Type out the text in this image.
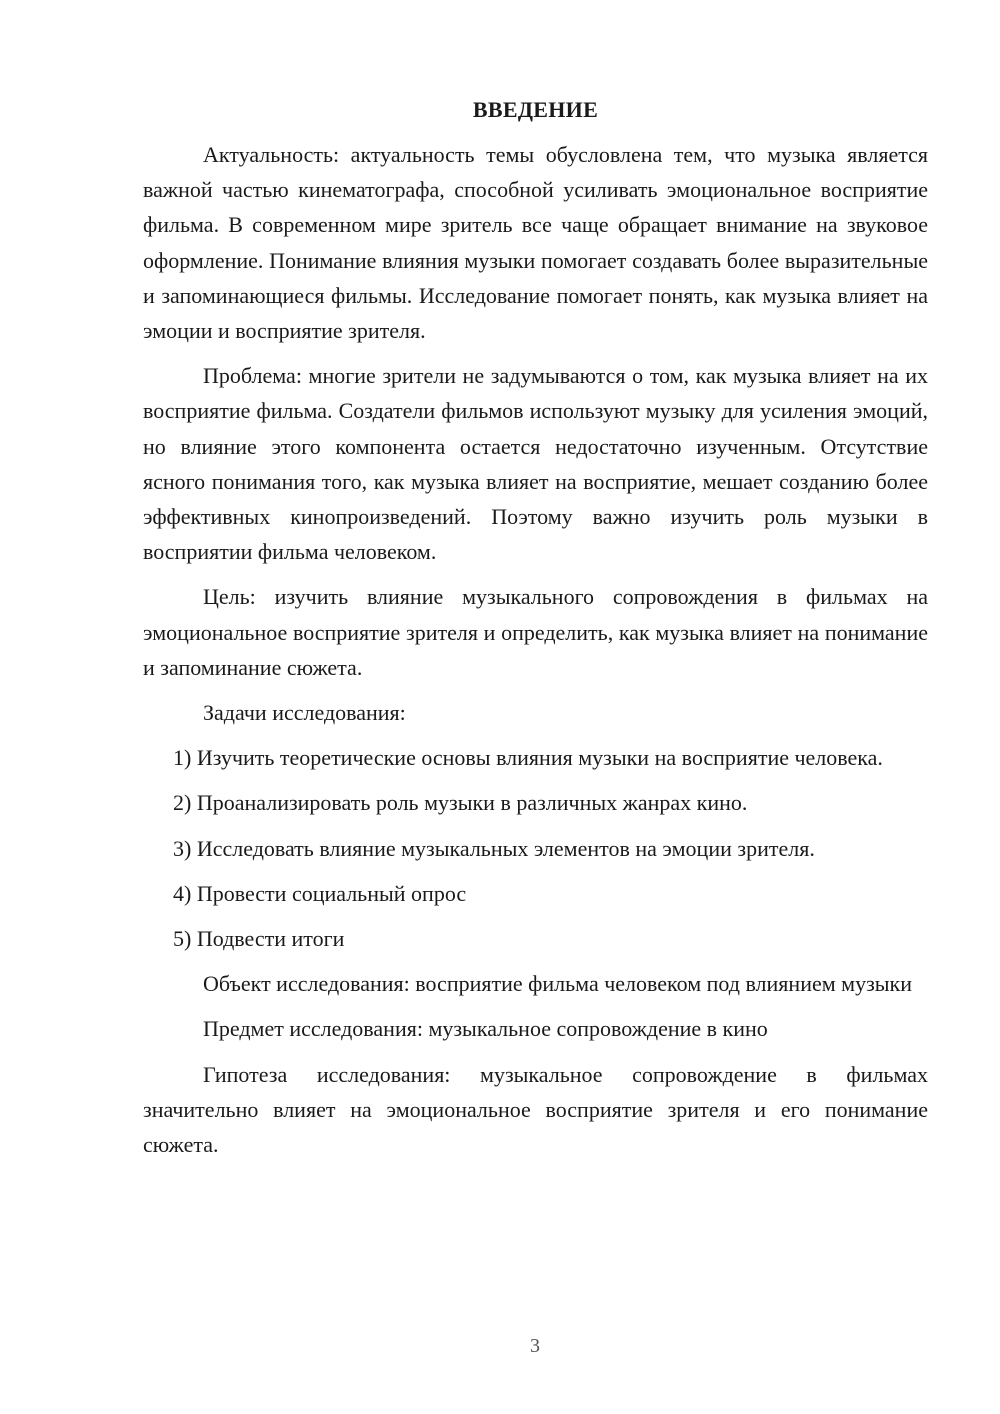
ВВЕДЕНИЕ

Актуальность: актуальность темы обусловлена тем, что музыка является важной частью кинематографа, способной усиливать эмоциональное восприятие фильма. В современном мире зритель все чаще обращает внимание на звуковое оформление. Понимание влияния музыки помогает создавать более выразительные и запоминающиеся фильмы. Исследование помогает понять, как музыка влияет на эмоции и восприятие зрителя.

Проблема: многие зрители не задумываются о том, как музыка влияет на их восприятие фильма. Создатели фильмов используют музыку для усиления эмоций, но влияние этого компонента остается недостаточно изученным. Отсутствие ясного понимания того, как музыка влияет на восприятие, мешает созданию более эффективных кинопроизведений. Поэтому важно изучить роль музыки в восприятии фильма человеком.

Цель: изучить влияние музыкального сопровождения в фильмах на эмоциональное восприятие зрителя и определить, как музыка влияет на понимание и запоминание сюжета.

Задачи исследования:

1) Изучить теоретические основы влияния музыки на восприятие человека.

2) Проанализировать роль музыки в различных жанрах кино.

3) Исследовать влияние музыкальных элементов на эмоции зрителя.

4) Провести социальный опрос

5) Подвести итоги

Объект исследования: восприятие фильма человеком под влиянием музыки

Предмет исследования: музыкальное сопровождение в кино

Гипотеза исследования: музыкальное сопровождение в фильмах значительно влияет на эмоциональное восприятие зрителя и его понимание сюжета.

3
